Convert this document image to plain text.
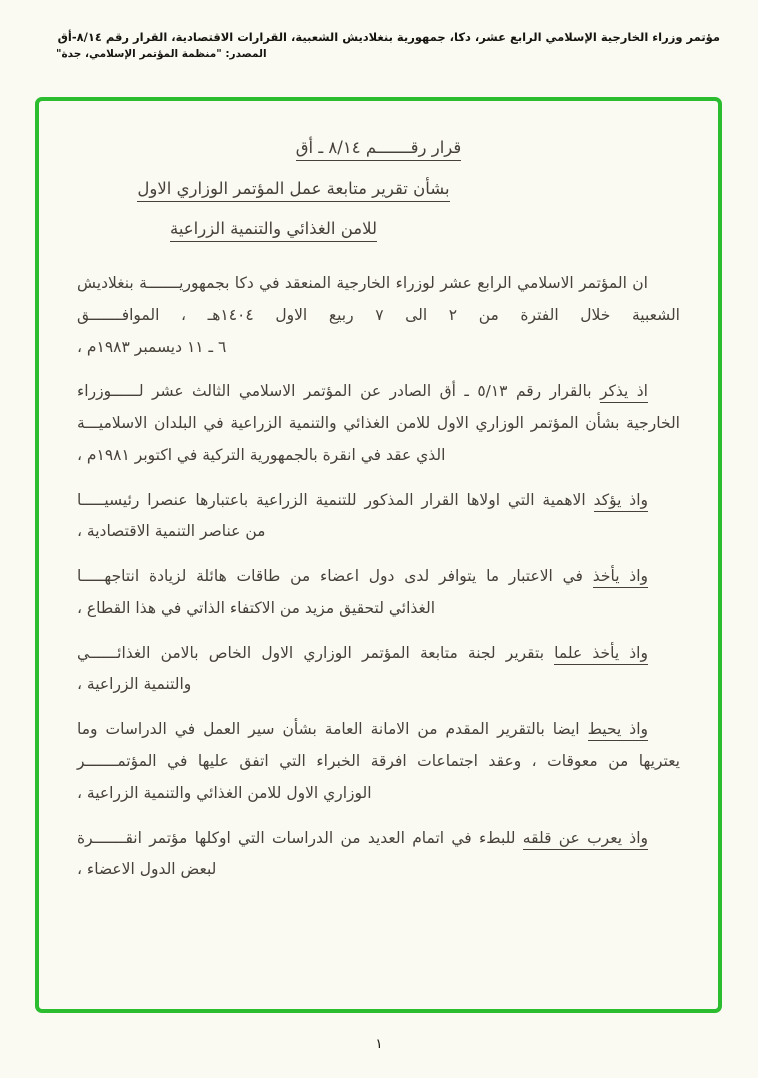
مؤتمر وزراء الخارجية الإسلامي الرابع عشر، دكا، جمهورية بنغلاديش الشعبية، القرارات الاقتصادية، القرار رقم ٨/١٤-أق
المصدر: "منظمة المؤتمر الإسلامي، جدة"
قرار رقـــــــم ٨/١٤ ـ أق
بشأن تقرير متابعة عمل المؤتمر الوزاري الاول
للامن الغذائي والتنمية الزراعية

ان المؤتمر الاسلامي الرابع عشر لوزراء الخارجية المنعقد في دكا بجمهوريـــــــة بنغلاديش الشعبية خلال الفترة من ٢ الى ٧ ربيع الاول ١٤٠٤هـ ، الموافـــــــق
٦ ـ ١١ ديسمبر ١٩٨٣م ،

اذ يذكر بالقرار رقم ٥/١٣ ـ أق الصادر عن المؤتمر الاسلامي الثالث عشر لــــــوزراء الخارجية بشأن المؤتمر الوزاري الاول للامن الغذائي والتنمية الزراعية في البلدان الاسلاميـــة
الذي عقد في انقرة بالجمهورية التركية في اكتوبر ١٩٨١م ،

واذ يؤكد الاهمية التي اولاها القرار المذكور للتنمية الزراعية باعتبارها عنصرا رئيسيـــــا
من عناصر التنمية الاقتصادية ،

واذ يأخذ في الاعتبار ما يتوافر لدى دول اعضاء من طاقات هائلة لزيادة انتاجهـــــا
الغذائي لتحقيق مزيد من الاكتفاء الذاتي في هذا القطاع ،

واذ يأخذ علما بتقرير لجنة متابعة المؤتمر الوزاري الاول الخاص بالامن الغذائــــــي
والتنمية الزراعية ،

واذ يحيط ايضا بالتقرير المقدم من الامانة العامة بشأن سير العمل في الدراسات وما يعتريها من معوقات ، وعقد اجتماعات افرقة الخبراء التي اتفق عليها في المؤتمـــــــر
الوزاري الاول للامن الغذائي والتنمية الزراعية ،

واذ يعرب عن قلقه للبطء في اتمام العديد من الدراسات التي اوكلها مؤتمر انقـــــــرة
لبعض الدول الاعضاء ،

١
